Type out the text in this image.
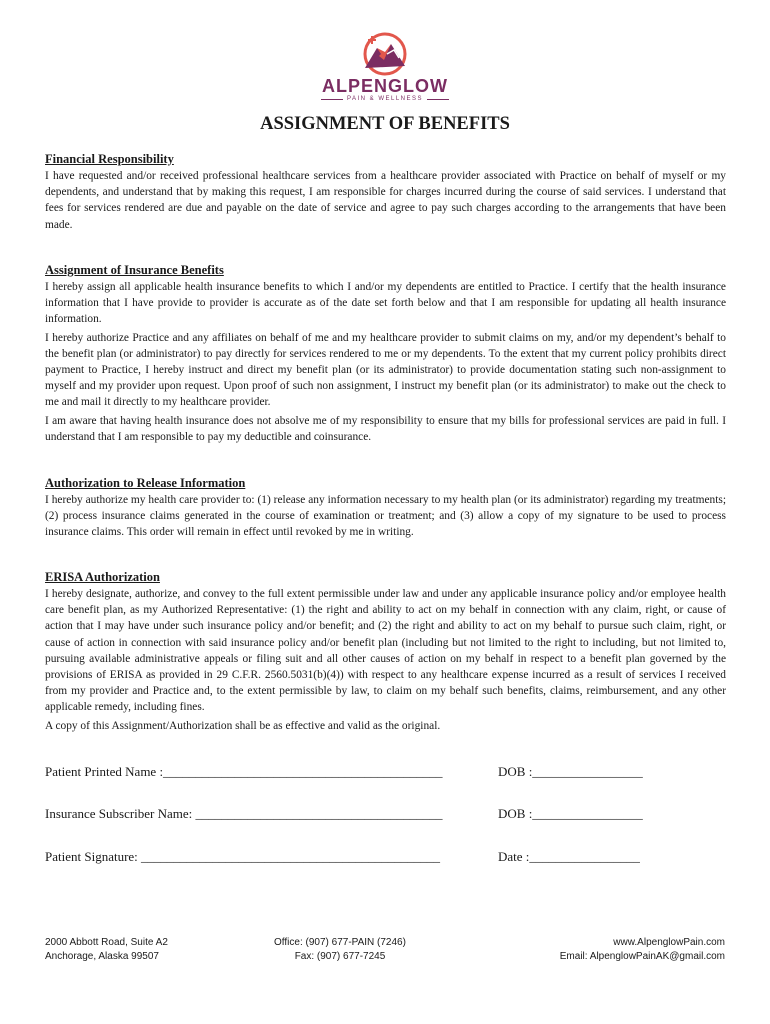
ALPENGLOW
PAIN & WELLNESS
ASSIGNMENT OF BENEFITS
Financial Responsibility

I have requested and/or received professional healthcare services from a healthcare provider associated with Practice on behalf of myself or my dependents, and understand that by making this request, I am responsible for charges incurred during the course of said services. I understand that fees for services rendered are due and payable on the date of service and agree to pay such charges according to the arrangements that have been made.

Assignment of Insurance Benefits

I hereby assign all applicable health insurance benefits to which I and/or my dependents are entitled to Practice. I certify that the health insurance information that I have provide to provider is accurate as of the date set forth below and that I am responsible for updating all health insurance information.

I hereby authorize Practice and any affiliates on behalf of me and my healthcare provider to submit claims on my, and/or my dependent’s behalf to the benefit plan (or administrator) to pay directly for services rendered to me or my dependents. To the extent that my current policy prohibits direct payment to Practice, I hereby instruct and direct my benefit plan (or its administrator) to provide documentation stating such non-assignment to myself and my provider upon request. Upon proof of such non assignment, I instruct my benefit plan (or its administrator) to make out the check to me and mail it directly to my healthcare provider.

I am aware that having health insurance does not absolve me of my responsibility to ensure that my bills for professional services are paid in full. I understand that I am responsible to pay my deductible and coinsurance.

Authorization to Release Information

I hereby authorize my health care provider to: (1) release any information necessary to my health plan (or its administrator) regarding my treatments; (2) process insurance claims generated in the course of examination or treatment; and (3) allow a copy of my signature to be used to process insurance claims. This order will remain in effect until revoked by me in writing.

ERISA Authorization

I hereby designate, authorize, and convey to the full extent permissible under law and under any applicable insurance policy and/or employee health care benefit plan, as my Authorized Representative: (1) the right and ability to act on my behalf in connection with any claim, right, or cause of action that I may have under such insurance policy and/or benefit; and (2) the right and ability to act on my behalf to pursue such claim, right, or cause of action in connection with said insurance policy and/or benefit plan (including but not limited to the right to including, but not limited to, pursuing available administrative appeals or filing suit and all other causes of action on my behalf in respect to a benefit plan governed by the provisions of ERISA as provided in 29 C.F.R. 2560.5031(b)(4)) with respect to any healthcare expense incurred as a result of services I received from my provider and Practice and, to the extent permissible by law, to claim on my behalf such benefits, claims, reimbursement, and any other applicable remedy, including fines.

A copy of this Assignment/Authorization shall be as effective and valid as the original.

Patient Printed Name :___________________________________________	DOB :_________________
Insurance Subscriber Name: ______________________________________	DOB :_________________
Patient Signature: ______________________________________________	Date :_________________
2000 Abbott Road, Suite A2
Anchorage, Alaska 99507
Office: (907) 677-PAIN (7246)
Fax: (907) 677-7245
www.AlpenglowPain.com
Email: AlpenglowPainAK@gmail.com
